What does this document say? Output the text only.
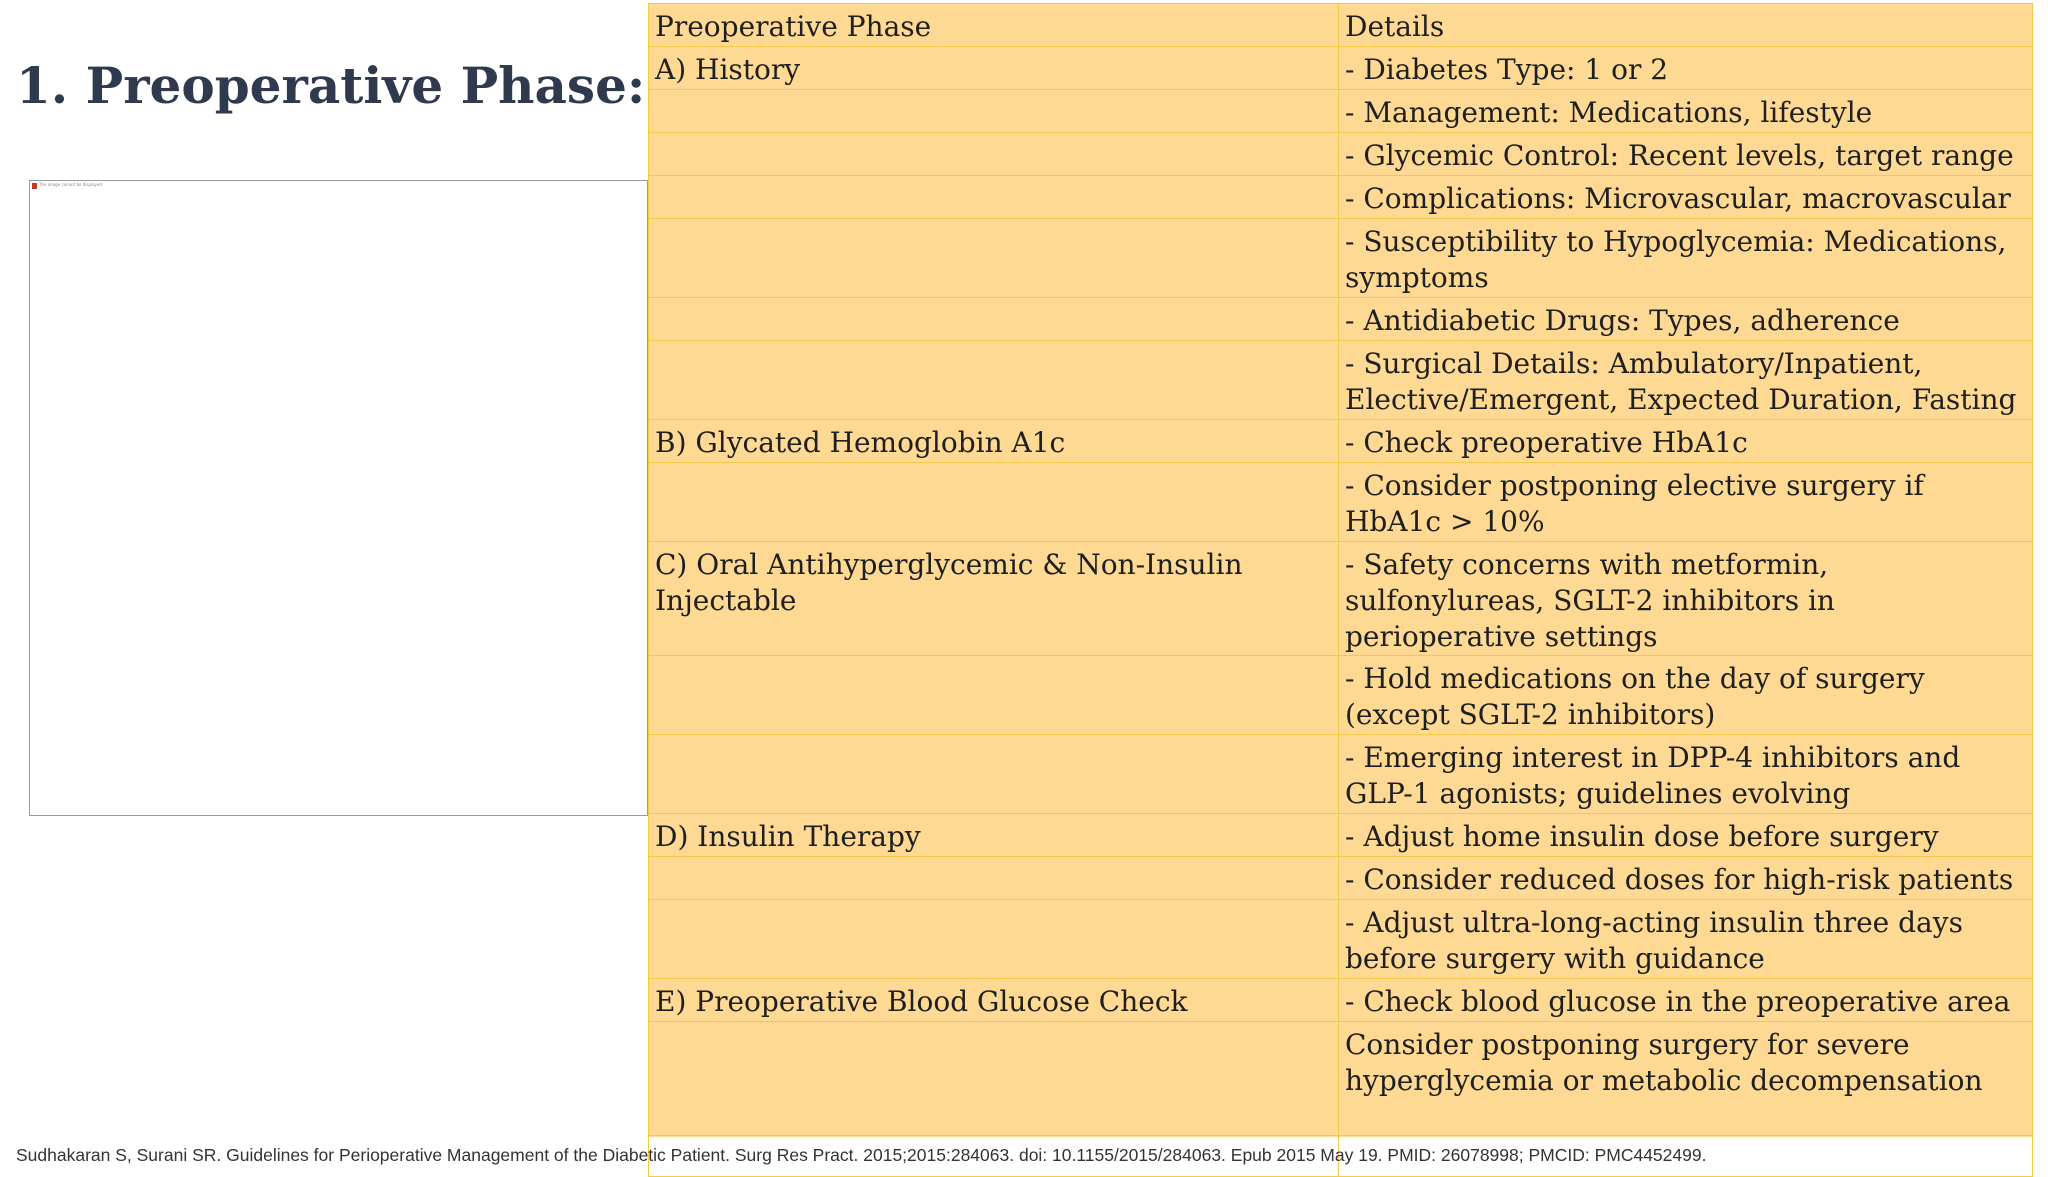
1. Preoperative Phase:
The image cannot be displayed.
Preoperative Phase	Details
A) History	- Diabetes Type: 1 or 2
	- Management: Medications, lifestyle
	- Glycemic Control: Recent levels, target range
	- Complications: Microvascular, macrovascular
	- Susceptibility to Hypoglycemia: Medications, symptoms
	- Antidiabetic Drugs: Types, adherence
	- Surgical Details: Ambulatory/Inpatient, Elective/Emergent, Expected Duration, Fasting
B) Glycated Hemoglobin A1c	- Check preoperative HbA1c
	- Consider postponing elective surgery if HbA1c > 10%
C) Oral Antihyperglycemic & Non-Insulin Injectable	- Safety concerns with metformin, sulfonylureas, SGLT-2 inhibitors in perioperative settings
	- Hold medications on the day of surgery (except SGLT-2 inhibitors)
	- Emerging interest in DPP-4 inhibitors and GLP-1 agonists; guidelines evolving
D) Insulin Therapy	- Adjust home insulin dose before surgery
	- Consider reduced doses for high-risk patients
	- Adjust ultra-long-acting insulin three days before surgery with guidance
E) Preoperative Blood Glucose Check	- Check blood glucose in the preoperative area
	Consider postponing surgery for severe hyperglycemia or metabolic decompensation

Sudhakaran S, Surani SR. Guidelines for Perioperative Management of the Diabetic Patient. Surg Res Pract. 2015;2015:284063. doi: 10.1155/2015/284063. Epub 2015 May 19. PMID: 26078998; PMCID: PMC4452499.
